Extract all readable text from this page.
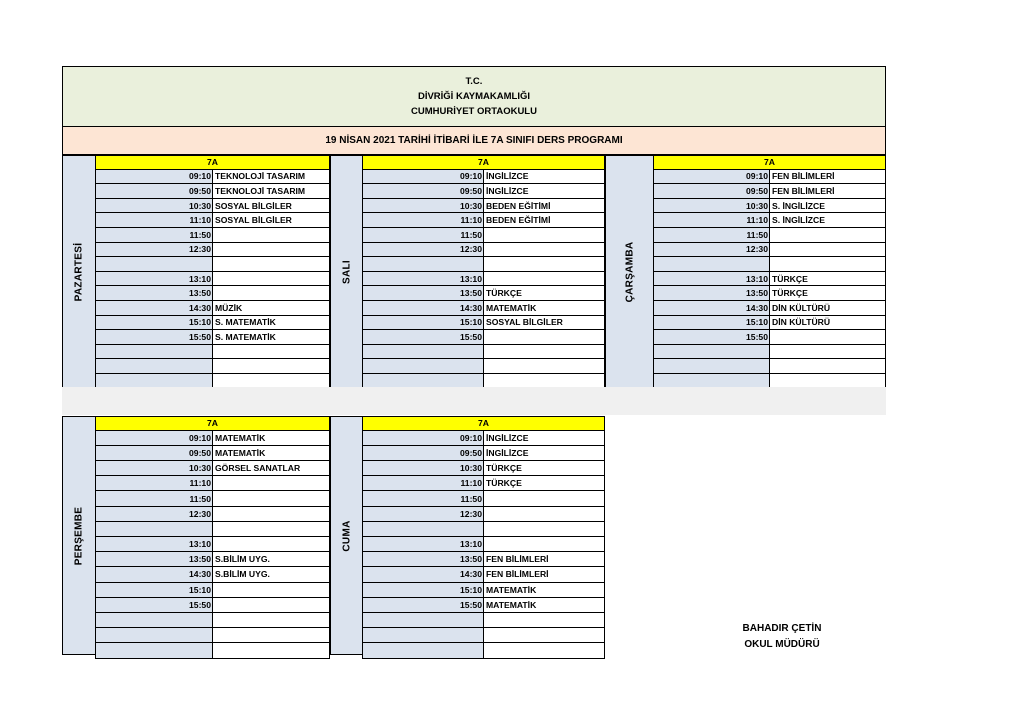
T.C.
DİVRİĞİ KAYMAKAMLIĞI
CUMHURİYET ORTAOKULU
19 NİSAN 2021 TARİHİ İTİBARİ İLE 7A SINIFI DERS PROGRAMI
PAZARTESİ
7A	
09:10	TEKNOLOJİ TASARIM
09:50	TEKNOLOJİ TASARIM
10:30	SOSYAL BİLGİLER
11:10	SOSYAL BİLGİLER
11:50	
12:30	

13:10	
13:50	
14:30	MÜZİK
15:10	S. MATEMATİK
15:50	S. MATEMATİK

SALI
7A	
09:10	İNGİLİZCE
09:50	İNGİLİZCE
10:30	BEDEN EĞİTİMİ
11:10	BEDEN EĞİTİMİ
11:50	
12:30	

13:10	
13:50	TÜRKÇE
14:30	MATEMATİK
15:10	SOSYAL BİLGİLER
15:50	

ÇARŞAMBA
7A	
09:10	FEN BİLİMLERİ
09:50	FEN BİLİMLERİ
10:30	S. İNGİLİZCE
11:10	S. İNGİLİZCE
11:50	
12:30	

13:10	TÜRKÇE
13:50	TÜRKÇE
14:30	DİN KÜLTÜRÜ
15:10	DİN KÜLTÜRÜ
15:50	

PERŞEMBE
7A	
09:10	MATEMATİK
09:50	MATEMATİK
10:30	GÖRSEL SANATLAR
11:10	
11:50	
12:30	

13:10	
13:50	S.BİLİM UYG.
14:30	S.BİLİM UYG.
15:10	
15:50	

CUMA
7A	
09:10	İNGİLİZCE
09:50	İNGİLİZCE
10:30	TÜRKÇE
11:10	TÜRKÇE
11:50	
12:30	

13:10	
13:50	FEN BİLİMLERİ
14:30	FEN BİLİMLERİ
15:10	MATEMATİK
15:50	MATEMATİK

BAHADIR ÇETİN
OKUL MÜDÜRÜ
